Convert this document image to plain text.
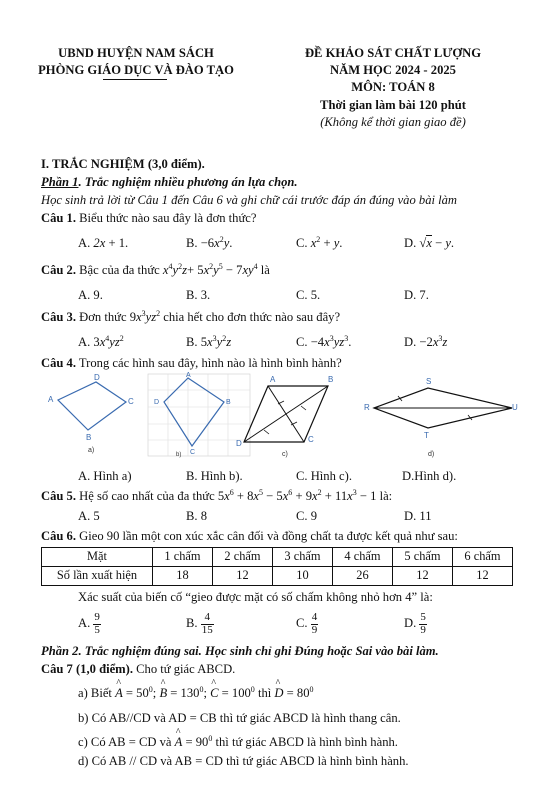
UBND HUYỆN NAM SÁCH
PHÒNG GIÁO DỤC VÀ ĐÀO TẠO
ĐỀ KHẢO SÁT CHẤT LƯỢNG
NĂM HỌC 2024 - 2025
MÔN: TOÁN 8
Thời gian làm bài 120 phút
(Không kể thời gian giao đề)
I. TRẮC NGHIỆM (3,0 điểm).
Phần 1. Trắc nghiệm nhiều phương án lựa chọn.
Học sinh trả lời từ Câu 1 đến Câu 6 và ghi chữ cái trước đáp án đúng vào bài làm
Câu 1. Biểu thức nào sau đây là đơn thức?
A. 2x + 1.	B. $-6x^2y$.	C. $x^2 + y$.	D. √x − y.
Câu 2. Bậc của đa thức $x^4y^2z+ 5x^2y^5 - 7xy^4$ là
A. 9.	B. 3.	C. 5.	D. 7.
Câu 3. Đơn thức $9x^3yz^2$ chia hết cho đơn thức nào sau đây?
A. $3x^4yz^2$	B. $5x^3y^2z$	C. $-4x^3yz^3$.	D. $-2x^3z$
Câu 4. Trong các hình sau đây, hình nào là hình bình hành?
D
A	C
B
a)
A
D	B
C
b)
A	B
D	C
c)
S
R	U
T
d)
A. Hình a)	B. Hình b).	C. Hình c).	D.Hình d).
Câu 5. Hệ số cao nhất của đa thức $5x^6 + 8x^5 - 5x^6 + 9x^2 + 11x^3 - 1$ là:
A. 5	B. 8	C. 9	D. 11
Câu 6. Gieo 90 lần một con xúc xắc cân đối và đồng chất ta được kết quả như sau:
Mặt	1 chấm	2 chấm	3 chấm	4 chấm	5 chấm	6 chấm
Số lần xuất hiện	18	12	10	26	12	12
Xác suất của biến cố “gieo được mặt có số chấm không nhỏ hơn 4” là:
A. $\frac{9}{5}$	B. $\frac{4}{15}$	C. $\frac{4}{9}$	D. $\frac{5}{9}$
Phần 2. Trắc nghiệm đúng sai. Học sinh chỉ ghi Đúng hoặc Sai vào bài làm.
Câu 7 (1,0 điểm). Cho tứ giác ABCD.
a) Biết ^ $A = 50^0$; ^ $B = 130^0$; ^ $C = 100^0$ thì ^ $D = 80^0$
b) Có AB//CD và AD = CB thì tứ giác ABCD là hình thang cân.
c) Có AB = CD và ^ $A = 90^0$ thì tứ giác ABCD là hình bình hành.
d) Có AB // CD và AB = CD thì tứ giác ABCD là hình bình hành.
